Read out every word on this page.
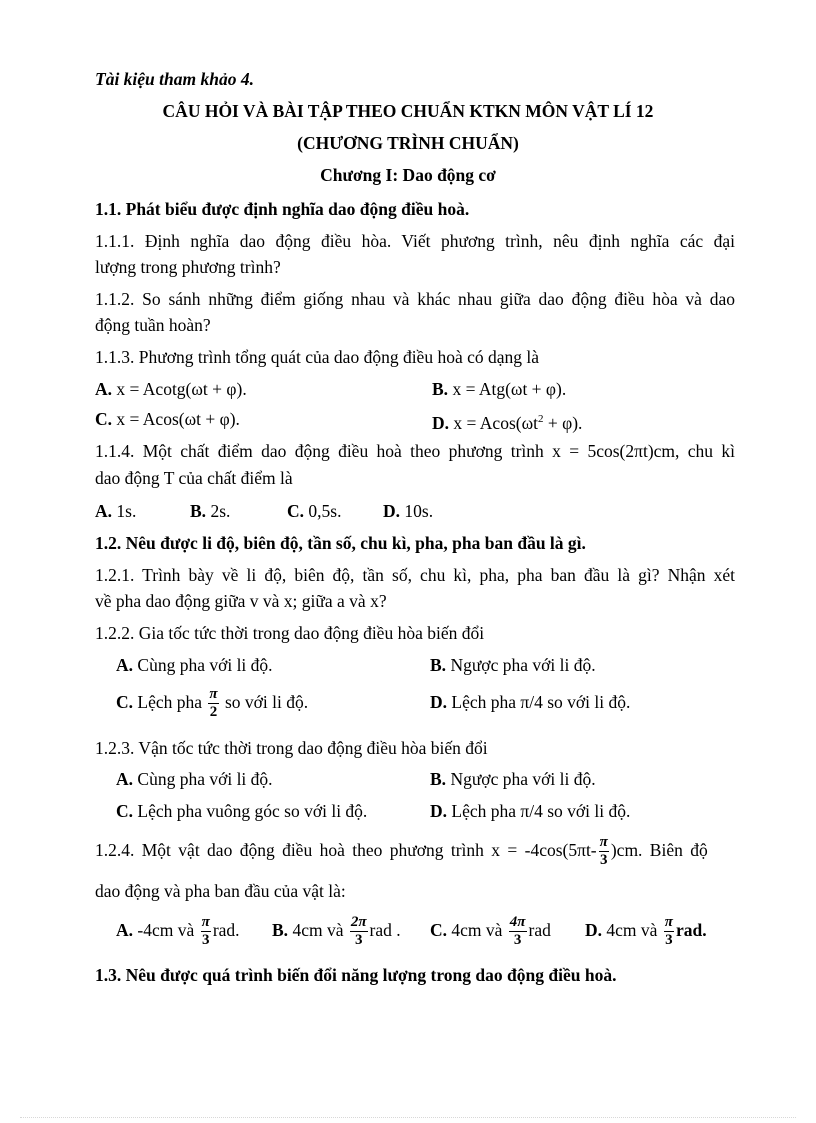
Tài kiệu tham khảo 4.
CÂU HỎI VÀ BÀI TẬP THEO CHUẨN KTKN MÔN VẬT LÍ 12
(CHƯƠNG TRÌNH CHUẨN)
Chương I: Dao động cơ
1.1. Phát biểu được định nghĩa dao động điều hoà.
1.1.1. Định nghĩa dao động điều hòa. Viết phương trình, nêu định nghĩa các đại
lượng trong phương trình?
1.1.2. So sánh những điểm giống nhau và khác nhau giữa dao động điều hòa và dao
động tuần hoàn?
1.1.3. Phương trình tổng quát của dao động điều hoà có dạng là
A. x = Acotg(ωt + φ).	B. x = Atg(ωt + φ).
C. x = Acos(ωt + φ).	D. $x = Acos(\omega t^2 + \varphi)$.
1.1.4. Một chất điểm dao động điều hoà theo phương trình x = 5cos(2πt)cm, chu kì
dao động T của chất điểm là
A. 1s.	B. 2s.	C. 0,5s. D. 10s.
1.2. Nêu được li độ, biên độ, tần số, chu kì, pha, pha ban đầu là gì.
1.2.1. Trình bày về li độ, biên độ, tần số, chu kì, pha, pha ban đầu là gì? Nhận xét
về pha dao động giữa v và x; giữa a và x?
1.2.2. Gia tốc tức thời trong dao động điều hòa biến đổi
A. Cùng pha với li độ.	B. Ngược pha với li độ.
C. Lệch pha $\frac{\pi}{2}$ so với li độ.	D. Lệch pha π/4 so với li độ.
1.2.3. Vận tốc tức thời trong dao động điều hòa biến đổi
A. Cùng pha với li độ.	B. Ngược pha với li độ.
C. Lệch pha vuông góc so với li độ.	D. Lệch pha π/4 so với li độ.
1.2.4. Một vật dao động điều hoà theo phương trình $x = -4\cos(5\pi t- \frac{\pi}{3} )cm$. Biên độ
dao động và pha ban đầu của vật là:
A. -4cm và $\frac{\pi}{3}$ rad. B. 4cm và $\frac{2\pi}{3}$ rad . C. 4cm và $\frac{4\pi}{3}$ rad D. 4cm và $\frac{\pi}{3}$ rad.
1.3. Nêu được quá trình biến đổi năng lượng trong dao động điều hoà.
